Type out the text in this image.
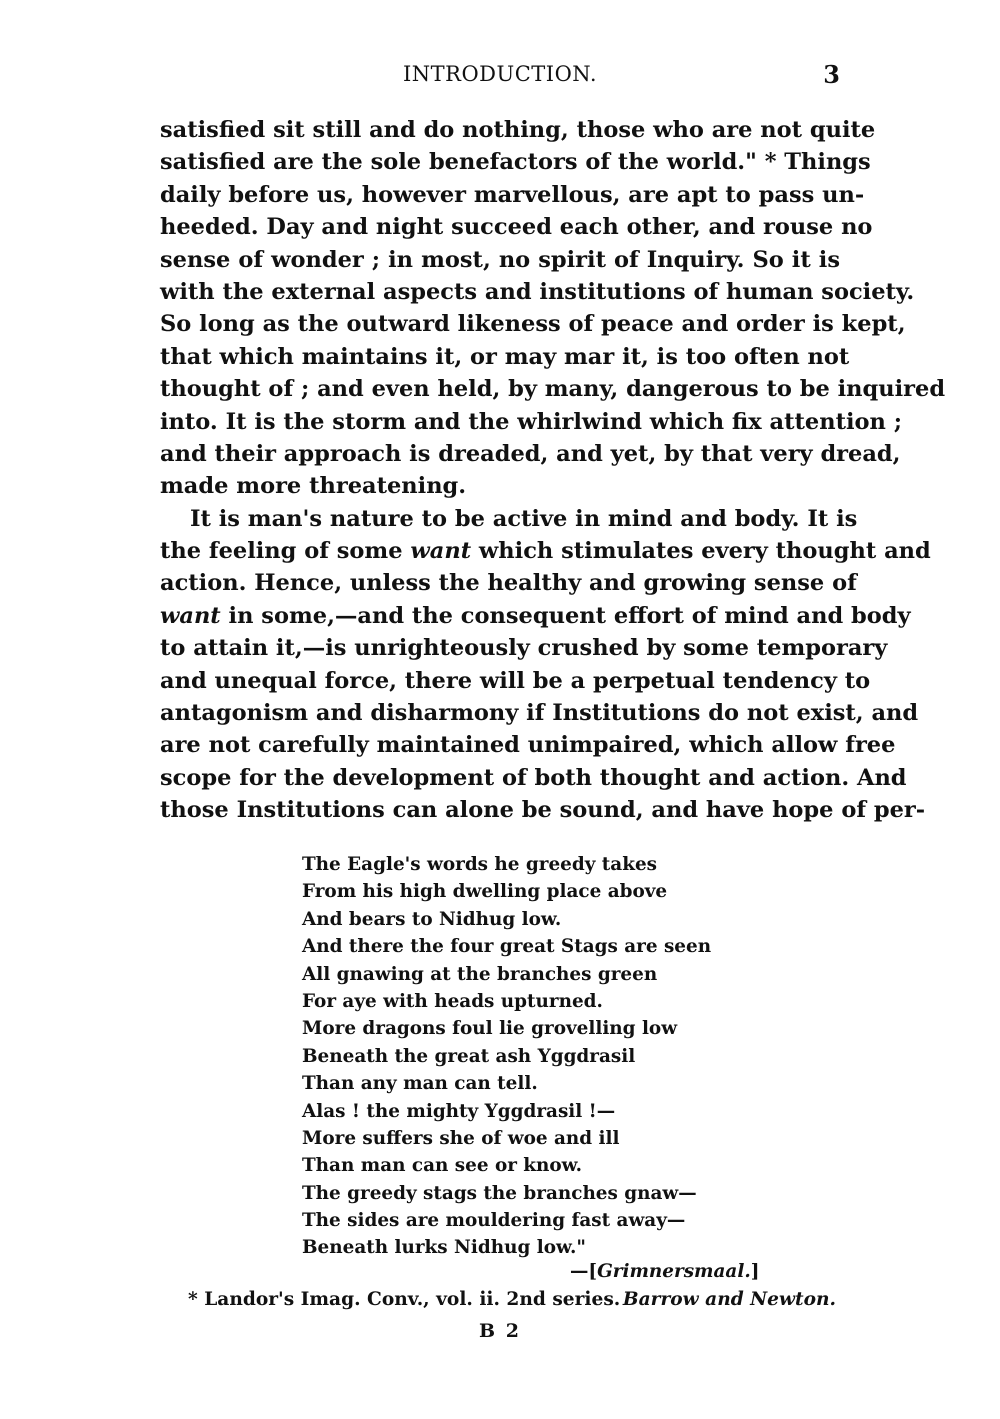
INTRODUCTION.	3
satisfied sit still and do nothing, those who are not quite
satisfied are the sole benefactors of the world." * Things
daily before us, however marvellous, are apt to pass un-
heeded. Day and night succeed each other, and rouse no
sense of wonder ; in most, no spirit of Inquiry. So it is
with the external aspects and institutions of human society.
So long as the outward likeness of peace and order is kept,
that which maintains it, or may mar it, is too often not
thought of ; and even held, by many, dangerous to be inquired
into. It is the storm and the whirlwind which fix attention ;
and their approach is dreaded, and yet, by that very dread,
made more threatening.
It is man's nature to be active in mind and body. It is
the feeling of some want which stimulates every thought and
action. Hence, unless the healthy and growing sense of
want in some,—and the consequent effort of mind and body
to attain it,—is unrighteously crushed by some temporary
and unequal force, there will be a perpetual tendency to
antagonism and disharmony if Institutions do not exist, and
are not carefully maintained unimpaired, which allow free
scope for the development of both thought and action. And
those Institutions can alone be sound, and have hope of per-
The Eagle's words he greedy takes
From his high dwelling place above
And bears to Nidhug low.
And there the four great Stags are seen
All gnawing at the branches green
For aye with heads upturned.
More dragons foul lie grovelling low
Beneath the great ash Yggdrasil
Than any man can tell.
Alas ! the mighty Yggdrasil !—
More suffers she of woe and ill
Than man can see or know.
The greedy stags the branches gnaw—
The sides are mouldering fast away—
Beneath lurks Nidhug low."
—[Grimnersmaal.]
* Landor's Imag. Conv., vol. ii. 2nd series. Barrow and Newton.
B 2
